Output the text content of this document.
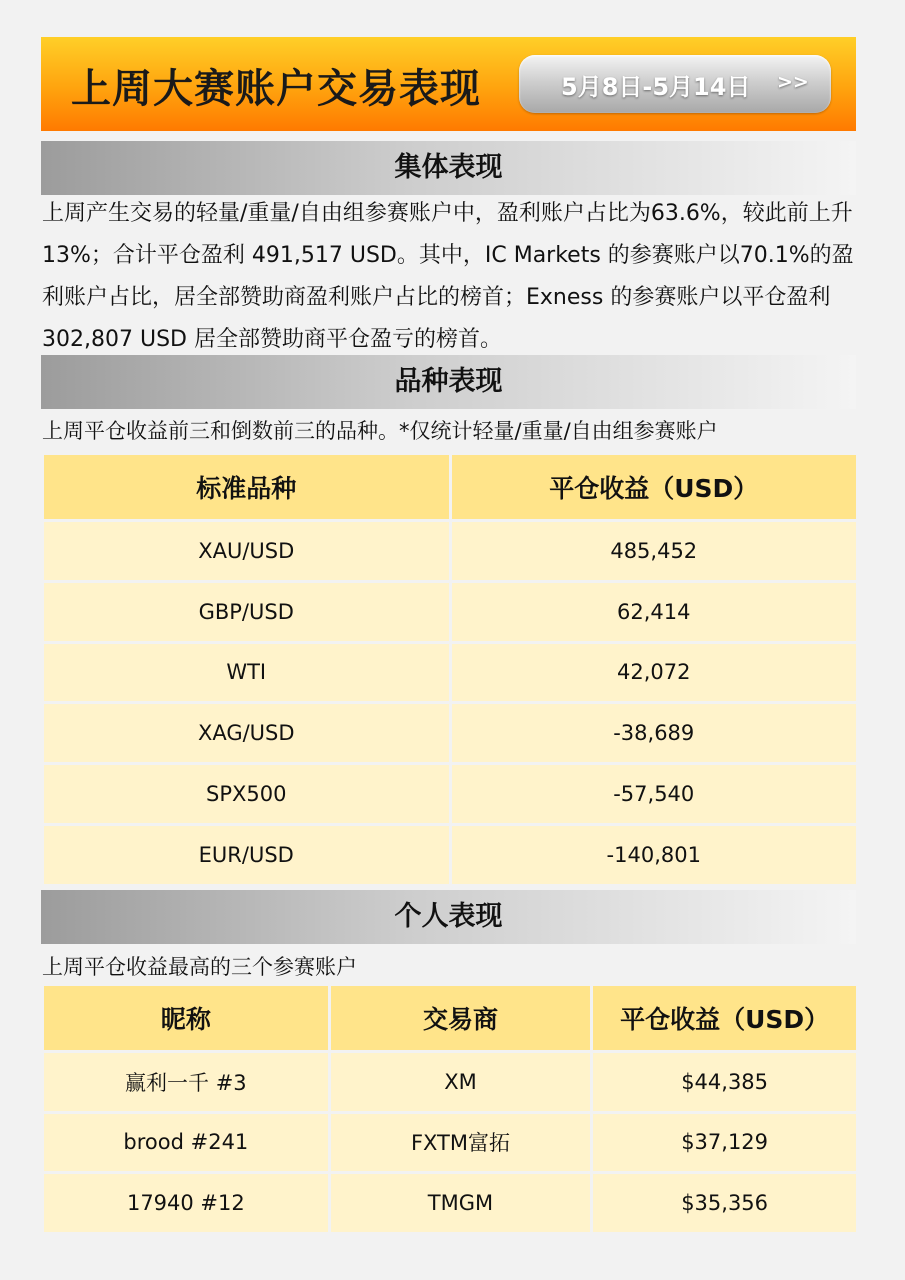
上周大赛账户交易表现	5月8日-5月14日 >>
集体表现
上周产生交易的轻量/重量/自由组参赛账户中，盈利账户占比为63.6%，较此前上升13%；合计平仓盈利 491,517 USD。其中，IC Markets 的参赛账户以70.1%的盈利账户占比，居全部赞助商盈利账户占比的榜首；Exness 的参赛账户以平仓盈利 302,807 USD 居全部赞助商平仓盈亏的榜首。
品种表现
上周平仓收益前三和倒数前三的品种。*仅统计轻量/重量/自由组参赛账户
标准品种	平仓收益（USD）
XAU/USD	485,452
GBP/USD	62,414
WTI	42,072
XAG/USD	-38,689
SPX500	-57,540
EUR/USD	-140,801
个人表现
上周平仓收益最高的三个参赛账户
昵称	交易商	平仓收益（USD）
赢利一千 #3	XM	$44,385
brood #241	FXTM富拓	$37,129
17940 #12	TMGM	$35,356
